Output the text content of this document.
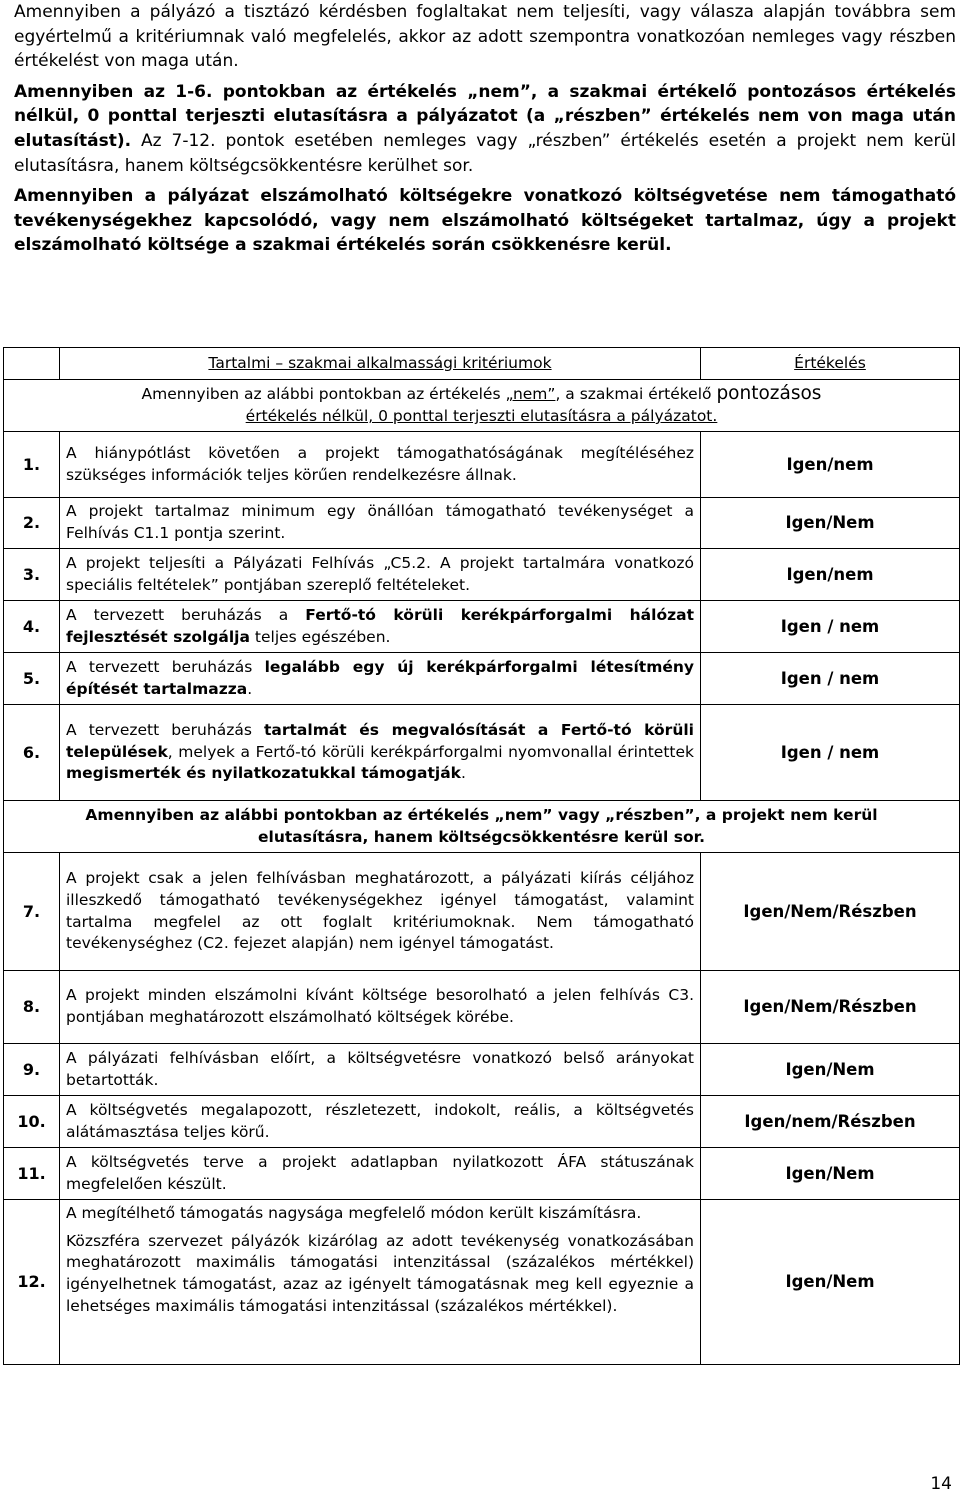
Amennyiben a pályázó a tisztázó kérdésben foglaltakat nem teljesíti, vagy válasza alapján továbbra sem egyértelmű a kritériumnak való megfelelés, akkor az adott szempontra vonatkozóan nemleges vagy részben értékelést von maga után.

Amennyiben az 1-6. pontokban az értékelés „nem”, a szakmai értékelő pontozásos értékelés nélkül, 0 ponttal terjeszti elutasításra a pályázatot (a „részben” értékelés nem von maga után elutasítást). Az 7-12. pontok esetében nemleges vagy „részben” értékelés esetén a projekt nem kerül elutasításra, hanem költségcsökkentésre kerülhet sor.

Amennyiben a pályázat elszámolható költségekre vonatkozó költségvetése nem támogatható tevékenységekhez kapcsolódó, vagy nem elszámolható költségeket tartalmaz, úgy a projekt elszámolható költsége a szakmai értékelés során csökkenésre kerül.

	Tartalmi – szakmai alkalmassági kritériumok	Értékelés
Amennyiben az alábbi pontokban az értékelés „nem”, a szakmai értékelő pontozásos
értékelés nélkül, 0 ponttal terjeszti elutasításra a pályázatot.		
1.	A hiánypótlást követően a projekt támogathatóságának megítéléséhez szükséges információk teljes körűen rendelkezésre állnak.	Igen/nem
2.	A projekt tartalmaz minimum egy önállóan támogatható tevékenységet a Felhívás C1.1 pontja szerint.	Igen/Nem
3.	A projekt teljesíti a Pályázati Felhívás „C5.2. A projekt tartalmára vonatkozó speciális feltételek” pontjában szereplő feltételeket.	Igen/nem
4.	A tervezett beruházás a Fertő-tó körüli kerékpárforgalmi hálózat fejlesztését szolgálja teljes egészében.	Igen / nem
5.	A tervezett beruházás legalább egy új kerékpárforgalmi létesítmény építését tartalmazza.	Igen / nem
6.	A tervezett beruházás tartalmát és megvalósítását a Fertő-tó körüli települések, melyek a Fertő-tó körüli kerékpárforgalmi nyomvonallal érintettek megismerték és nyilatkozatukkal támogatják.	Igen / nem
Amennyiben az alábbi pontokban az értékelés „nem” vagy „részben”, a projekt nem kerül
elutasításra, hanem költségcsökkentésre kerül sor.		
7.	A projekt csak a jelen felhívásban meghatározott, a pályázati kiírás céljához illeszkedő támogatható tevékenységekhez igényel támogatást, valamint tartalma megfelel az ott foglalt kritériumoknak. Nem támogatható tevékenységhez (C2. fejezet alapján) nem igényel támogatást.	Igen/Nem/Részben
8.	A projekt minden elszámolni kívánt költsége besorolható a jelen felhívás C3. pontjában meghatározott elszámolható költségek körébe.	Igen/Nem/Részben
9.	A pályázati felhívásban előírt, a költségvetésre vonatkozó belső arányokat betartották.	Igen/Nem
10.	A költségvetés megalapozott, részletezett, indokolt, reális, a költségvetés alátámasztása teljes körű.	Igen/nem/Részben
11.	A költségvetés terve a projekt adatlapban nyilatkozott ÁFA státuszának megfelelően készült.	Igen/Nem
12.	A megítélhető támogatás nagysága megfelelő módon került kiszámításra.
Közszféra szervezet pályázók kizárólag az adott tevékenység vonatkozásában meghatározott maximális támogatási intenzitással (százalékos mértékkel) igényelhetnek támogatást, azaz az igényelt támogatásnak meg kell egyeznie a lehetséges maximális támogatási intenzitással (százalékos mértékkel).	Igen/Nem
14
